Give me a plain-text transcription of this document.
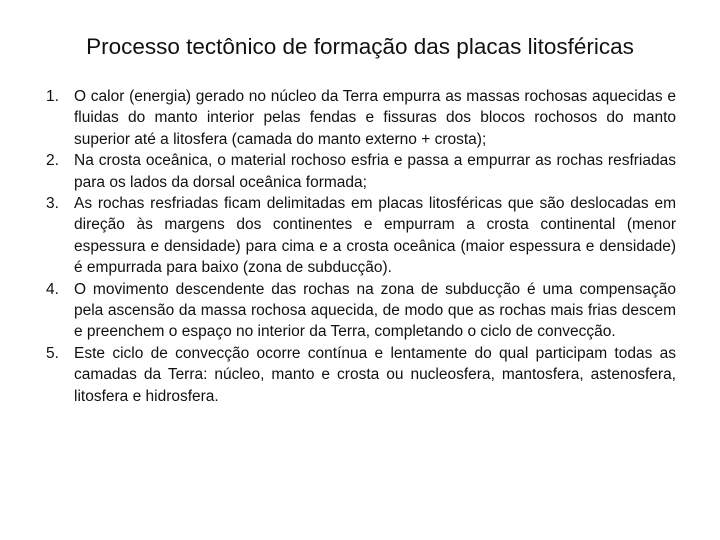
Processo tectônico de formação das placas litosféricas
1. O calor (energia) gerado no núcleo da Terra empurra as massas rochosas aquecidas e fluidas do manto interior pelas fendas e fissuras dos blocos rochosos do manto superior até a litosfera (camada do manto externo + crosta);
2. Na crosta oceânica, o material rochoso esfria e passa a empurrar as rochas resfriadas para os lados da dorsal oceânica formada;
3. As rochas resfriadas ficam delimitadas em placas litosféricas que são deslocadas em direção às margens dos continentes e empurram a crosta continental (menor espessura e densidade) para cima e a crosta oceânica (maior espessura e densidade) é empurrada para baixo (zona de subducção).
4. O movimento descendente das rochas na zona de subducção é uma compensação pela ascensão da massa rochosa aquecida, de modo que as rochas mais frias descem e preenchem o espaço no interior da Terra, completando o ciclo de convecção.
5. Este ciclo de convecção ocorre contínua e lentamente do qual participam todas as camadas da Terra: núcleo, manto e crosta ou nucleosfera, mantosfera, astenosfera, litosfera e hidrosfera.
